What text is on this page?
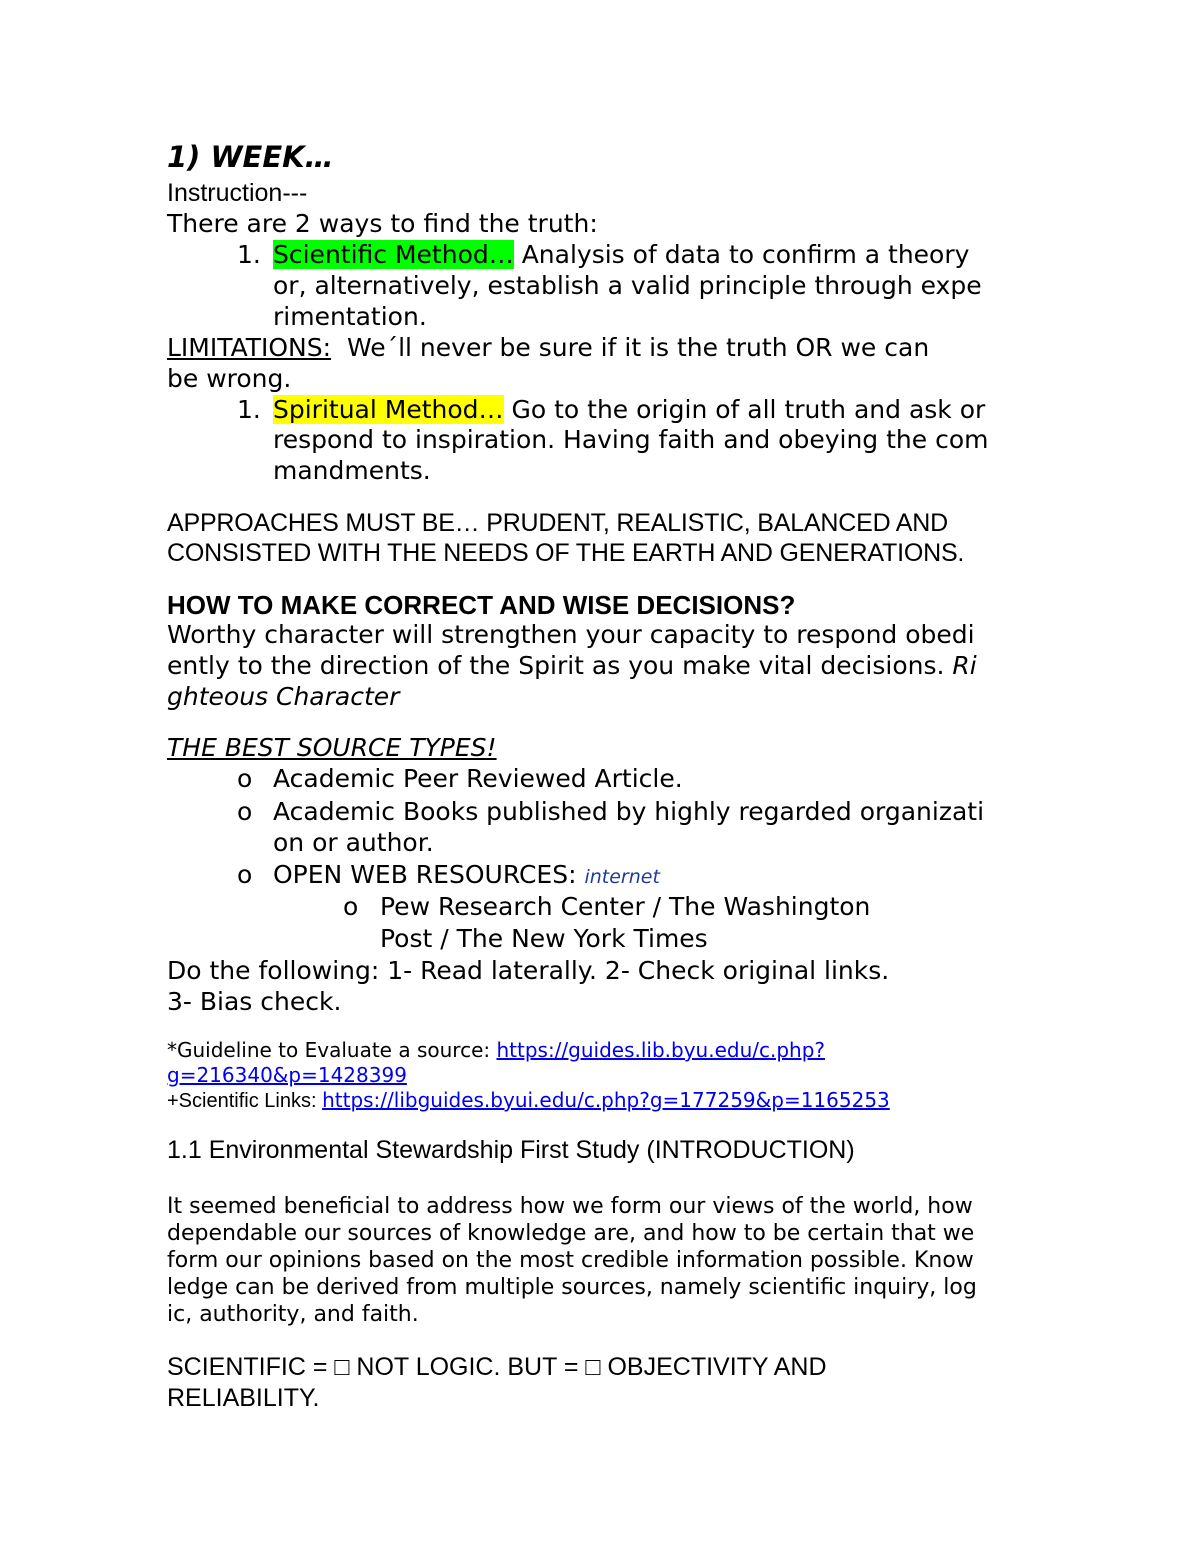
1) WEEK…
Instruction---
There are 2 ways to find the truth:
1. Scientific Method… Analysis of data to confirm a theory
or, alternatively, establish a valid principle through expe
rimentation.
LIMITATIONS:  We´ll never be sure if it is the truth OR we can
be wrong.
1. Spiritual Method… Go to the origin of all truth and ask or
respond to inspiration. Having faith and obeying the com
mandments.
APPROACHES MUST BE… PRUDENT, REALISTIC, BALANCED AND
CONSISTED WITH THE NEEDS OF THE EARTH AND GENERATIONS.
HOW TO MAKE CORRECT AND WISE DECISIONS?
Worthy character will strengthen your capacity to respond obedi
ently to the direction of the Spirit as you make vital decisions. Ri
ghteous Character
THE BEST SOURCE TYPES!
o Academic Peer Reviewed Article.
o Academic Books published by highly regarded organizati
on or author.
o OPEN WEB RESOURCES: internet
o Pew Research Center / The Washington
Post / The New York Times
Do the following: 1- Read laterally. 2- Check original links.
3- Bias check.
*Guideline to Evaluate a source: https://guides.lib.byu.edu/c.php?
g=216340&p=1428399
+Scientific Links: https://libguides.byui.edu/c.php?g=177259&p=1165253
1.1 Environmental Stewardship First Study (INTRODUCTION)
It seemed beneficial to address how we form our views of the world, how
dependable our sources of knowledge are, and how to be certain that we
form our opinions based on the most credible information possible. Know
ledge can be derived from multiple sources, namely scientific inquiry, log
ic, authority, and faith.
SCIENTIFIC = □ NOT LOGIC. BUT = □ OBJECTIVITY AND
RELIABILITY.
